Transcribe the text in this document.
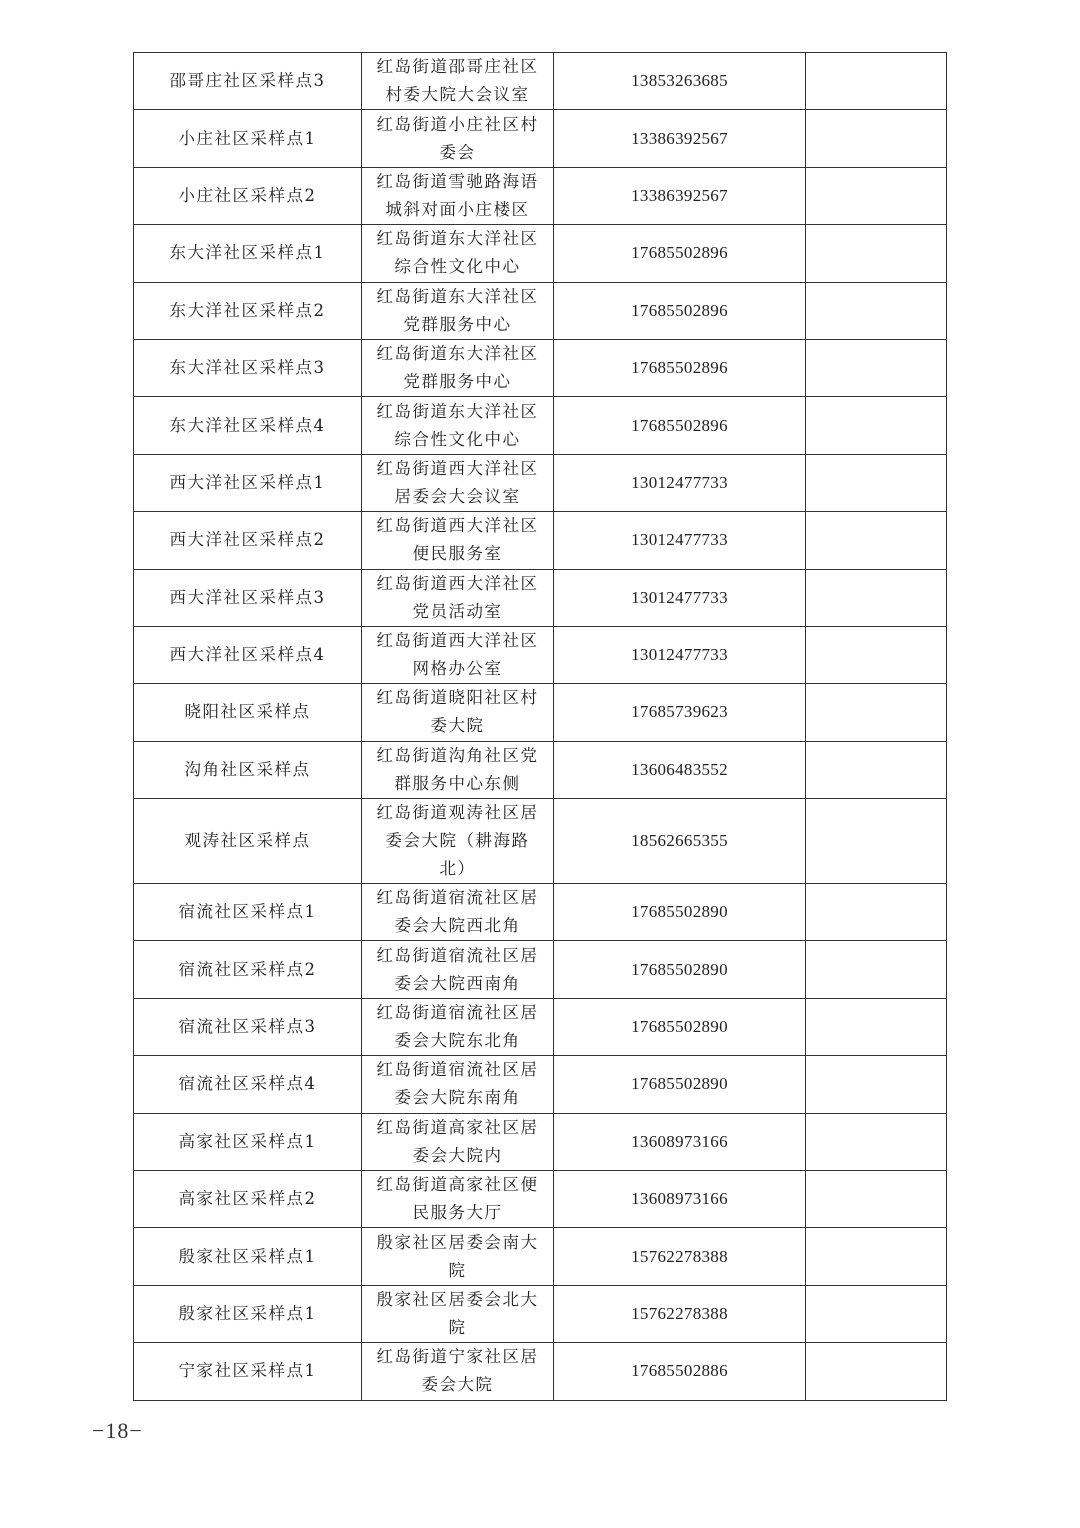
邵哥庄社区采样点3	红岛街道邵哥庄社区村委大院大会议室	13853263685	
小庄社区采样点1	红岛街道小庄社区村委会	13386392567	
小庄社区采样点2	红岛街道雪驰路海语城斜对面小庄楼区	13386392567	
东大洋社区采样点1	红岛街道东大洋社区综合性文化中心	17685502896	
东大洋社区采样点2	红岛街道东大洋社区党群服务中心	17685502896	
东大洋社区采样点3	红岛街道东大洋社区党群服务中心	17685502896	
东大洋社区采样点4	红岛街道东大洋社区综合性文化中心	17685502896	
西大洋社区采样点1	红岛街道西大洋社区居委会大会议室	13012477733	
西大洋社区采样点2	红岛街道西大洋社区便民服务室	13012477733	
西大洋社区采样点3	红岛街道西大洋社区党员活动室	13012477733	
西大洋社区采样点4	红岛街道西大洋社区网格办公室	13012477733	
晓阳社区采样点	红岛街道晓阳社区村委大院	17685739623	
沟角社区采样点	红岛街道沟角社区党群服务中心东侧	13606483552	
观涛社区采样点	红岛街道观涛社区居委会大院（耕海路北）	18562665355	
宿流社区采样点1	红岛街道宿流社区居委会大院西北角	17685502890	
宿流社区采样点2	红岛街道宿流社区居委会大院西南角	17685502890	
宿流社区采样点3	红岛街道宿流社区居委会大院东北角	17685502890	
宿流社区采样点4	红岛街道宿流社区居委会大院东南角	17685502890	
高家社区采样点1	红岛街道高家社区居委会大院内	13608973166	
高家社区采样点2	红岛街道高家社区便民服务大厅	13608973166	
殷家社区采样点1	殷家社区居委会南大院	15762278388	
殷家社区采样点1	殷家社区居委会北大院	15762278388	
宁家社区采样点1	红岛街道宁家社区居委会大院	17685502886	
−18−
